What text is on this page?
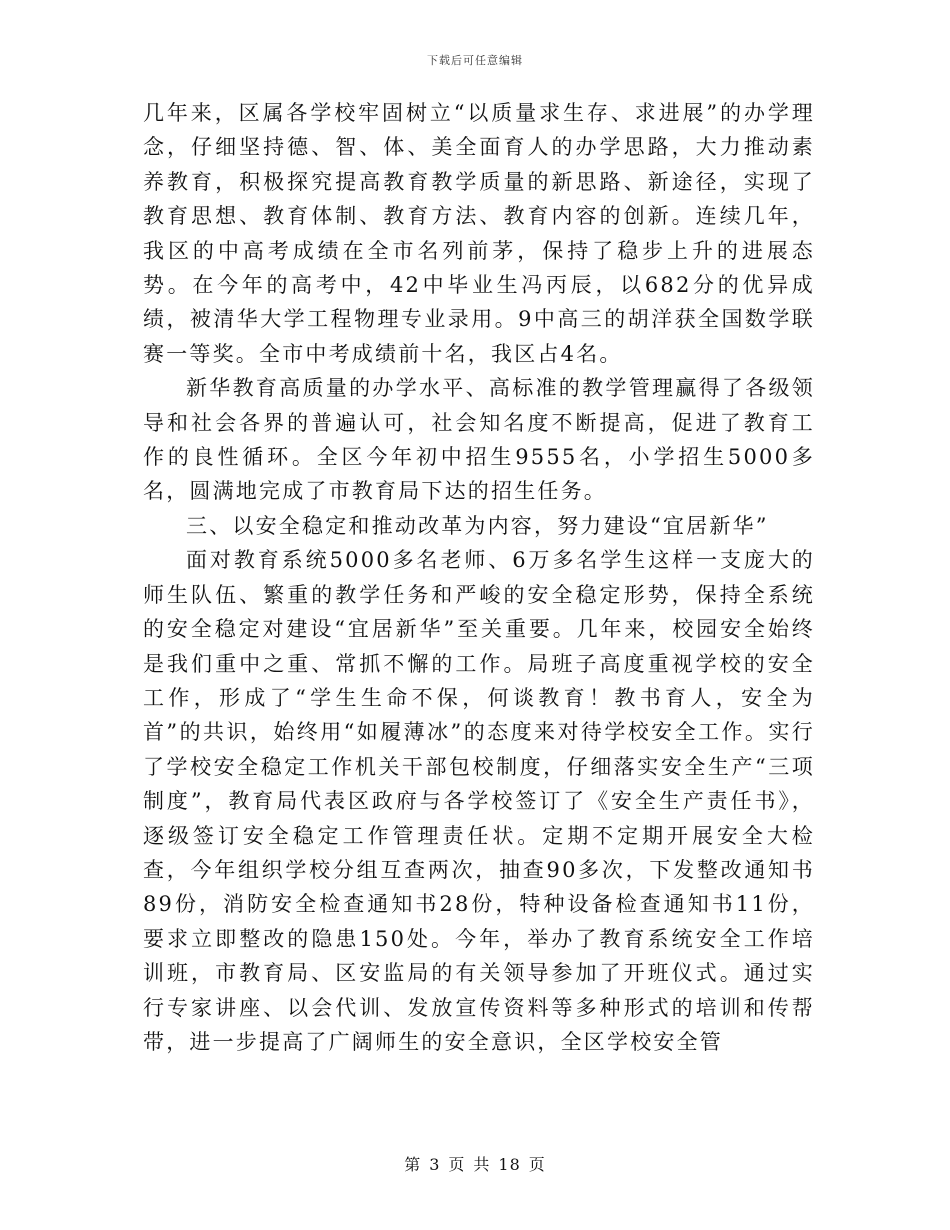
下载后可任意编辑

几年来，区属各学校牢固树立“以质量求生存、求进展”的办学理念，仔细坚持德、智、体、美全面育人的办学思路，大力推动素养教育，积极探究提高教育教学质量的新思路、新途径，实现了教育思想、教育体制、教育方法、教育内容的创新。连续几年，我区的中高考成绩在全市名列前茅，保持了稳步上升的进展态势。在今年的高考中，42中毕业生冯丙辰，以682分的优异成绩，被清华大学工程物理专业录用。9中高三的胡洋获全国数学联赛一等奖。全市中考成绩前十名，我区占4名。

新华教育高质量的办学水平、高标准的教学管理赢得了各级领导和社会各界的普遍认可，社会知名度不断提高，促进了教育工作的良性循环。全区今年初中招生9555名，小学招生5000多名，圆满地完成了市教育局下达的招生任务。

三、以安全稳定和推动改革为内容，努力建设“宜居新华”

面对教育系统5000多名老师、6万多名学生这样一支庞大的师生队伍、繁重的教学任务和严峻的安全稳定形势，保持全系统的安全稳定对建设“宜居新华”至关重要。几年来，校园安全始终是我们重中之重、常抓不懈的工作。局班子高度重视学校的安全工作，形成了“学生生命不保，何谈教育！教书育人，安全为首”的共识，始终用“如履薄冰”的态度来对待学校安全工作。实行了学校安全稳定工作机关干部包校制度，仔细落实安全生产“三项制度”，教育局代表区政府与各学校签订了《安全生产责任书》，逐级签订安全稳定工作管理责任状。定期不定期开展安全大检查，今年组织学校分组互查两次，抽查90多次，下发整改通知书89份，消防安全检查通知书28份，特种设备检查通知书11份，要求立即整改的隐患150处。今年，举办了教育系统安全工作培训班，市教育局、区安监局的有关领导参加了开班仪式。通过实行专家讲座、以会代训、发放宣传资料等多种形式的培训和传帮带，进一步提高了广阔师生的安全意识，全区学校安全管

第 3 页 共 18 页
